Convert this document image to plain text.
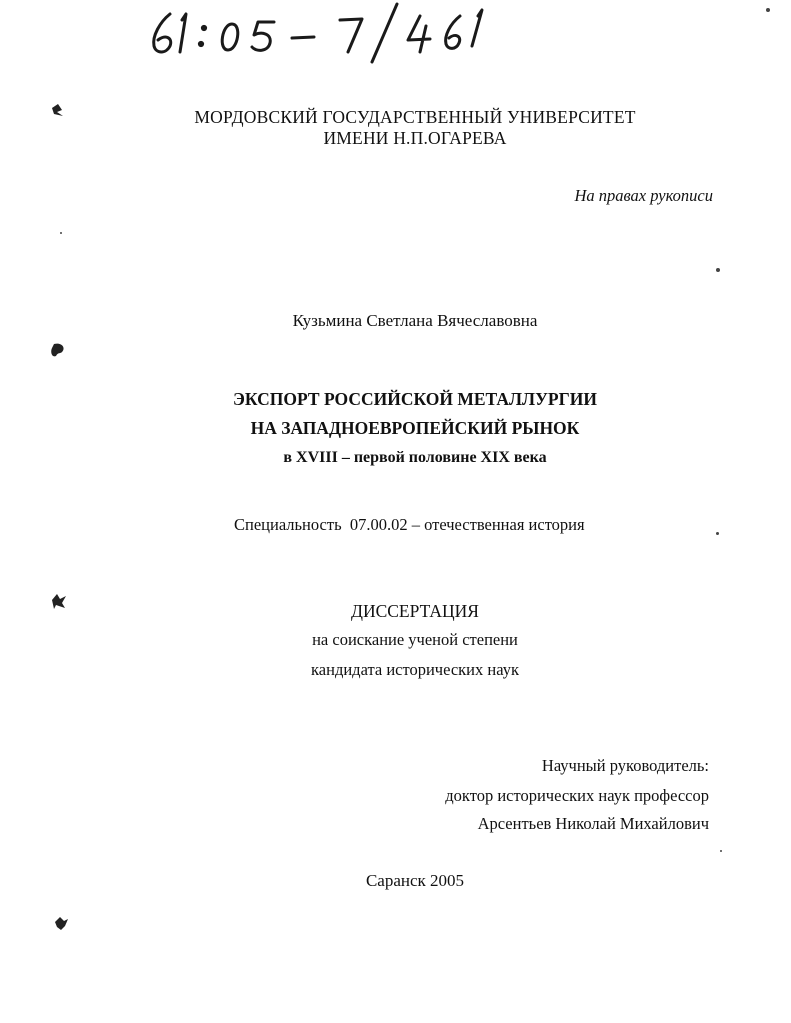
МОРДОВСКИЙ ГОСУДАРСТВЕННЫЙ УНИВЕРСИТЕТ
ИМЕНИ Н.П.ОГАРЕВА
На правах рукописи
Кузьмина Светлана Вячеславовна
ЭКСПОРТ РОССИЙСКОЙ МЕТАЛЛУРГИИ
НА ЗАПАДНОЕВРОПЕЙСКИЙ РЫНОК
в XVIII – первой половине XIX века
Специальность  07.00.02 – отечественная история
ДИССЕРТАЦИЯ
на соискание ученой степени
кандидата исторических наук
Научный руководитель:
доктор исторических наук профессор
Арсентьев Николай Михайлович
Саранск 2005
